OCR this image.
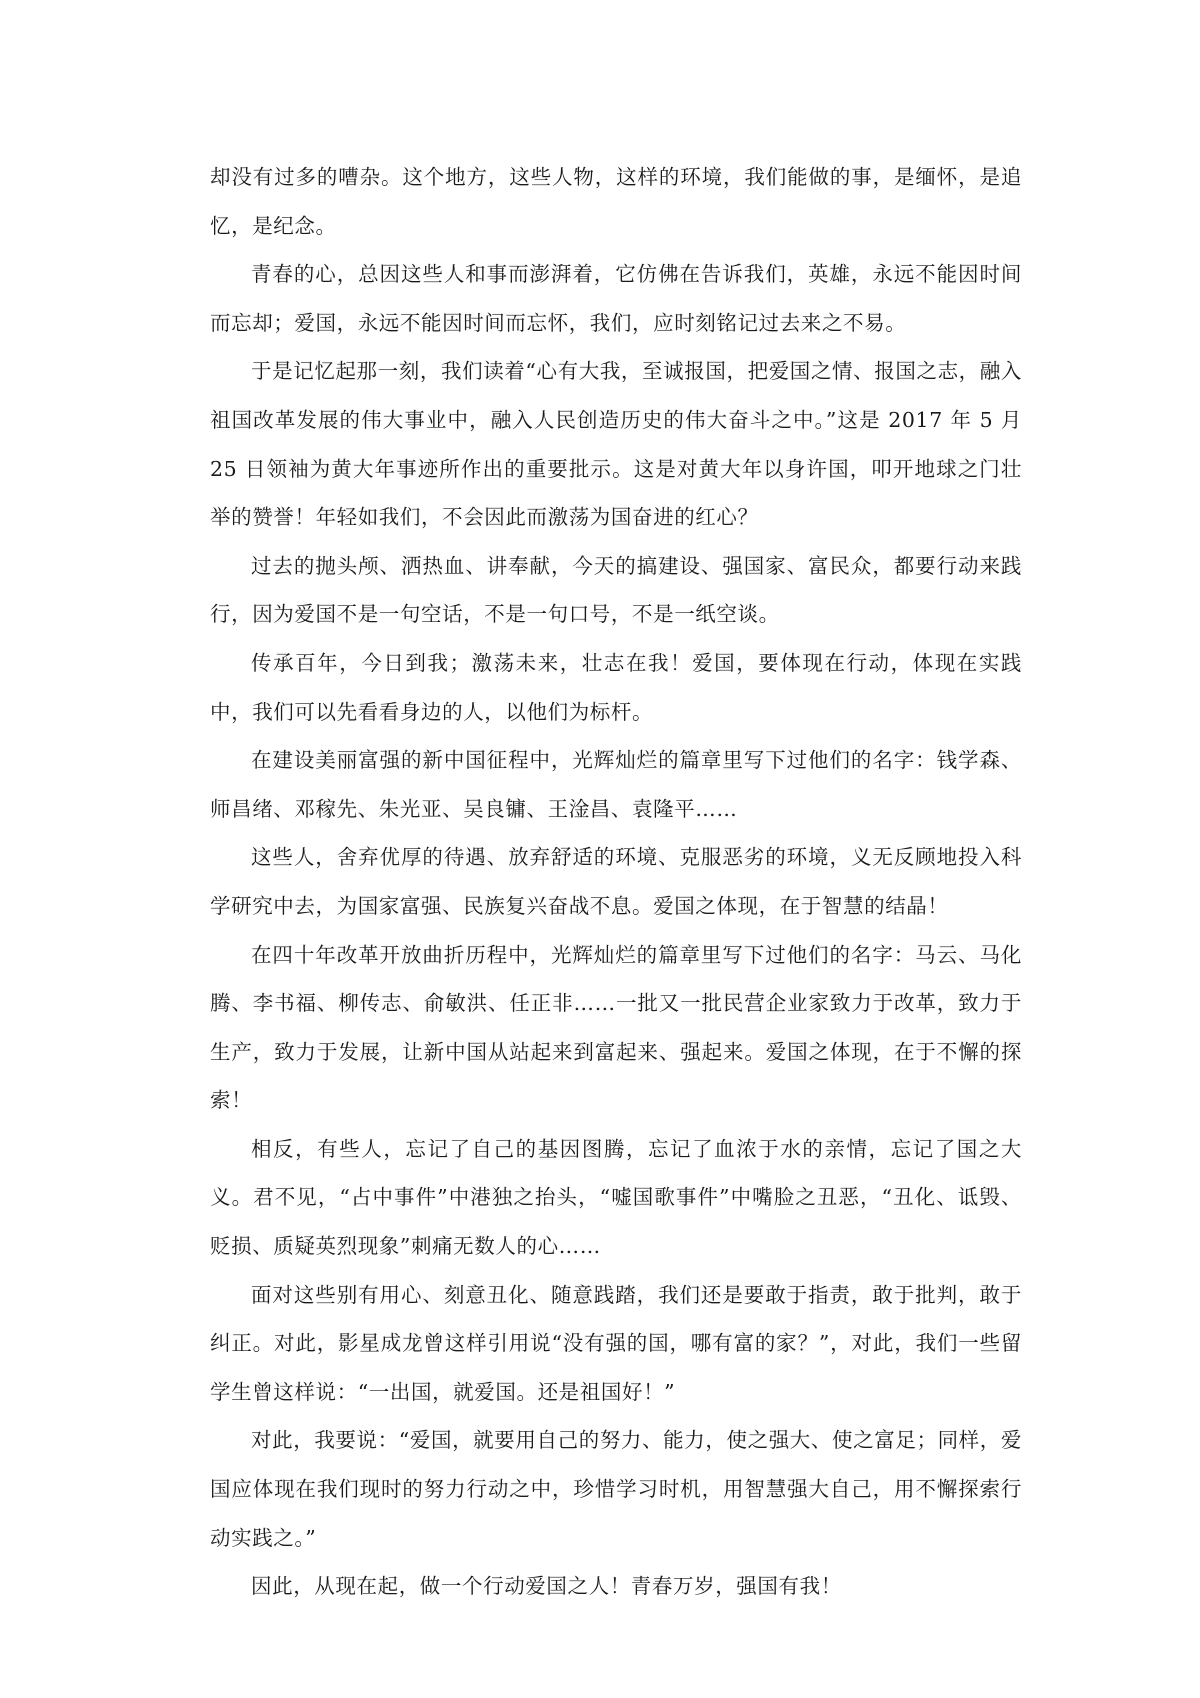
却没有过多的嘈杂。这个地方，这些人物，这样的环境，我们能做的事，是缅怀，是追忆，是纪念。

青春的心，总因这些人和事而澎湃着，它仿佛在告诉我们，英雄，永远不能因时间而忘却；爱国，永远不能因时间而忘怀，我们，应时刻铭记过去来之不易。

于是记忆起那一刻，我们读着“心有大我，至诚报国，把爱国之情、报国之志，融入祖国改革发展的伟大事业中，融入人民创造历史的伟大奋斗之中。”这是 2017 年 5 月 25 日领袖为黄大年事迹所作出的重要批示。这是对黄大年以身许国，叩开地球之门壮举的赞誉！年轻如我们，不会因此而激荡为国奋进的红心？

过去的抛头颅、洒热血、讲奉献，今天的搞建设、强国家、富民众，都要行动来践行，因为爱国不是一句空话，不是一句口号，不是一纸空谈。

传承百年，今日到我；激荡未来，壮志在我！爱国，要体现在行动，体现在实践中，我们可以先看看身边的人，以他们为标杆。

在建设美丽富强的新中国征程中，光辉灿烂的篇章里写下过他们的名字：钱学森、师昌绪、邓稼先、朱光亚、吴良镛、王淦昌、袁隆平……

这些人，舍弃优厚的待遇、放弃舒适的环境、克服恶劣的环境，义无反顾地投入科学研究中去，为国家富强、民族复兴奋战不息。爱国之体现，在于智慧的结晶！

在四十年改革开放曲折历程中，光辉灿烂的篇章里写下过他们的名字：马云、马化腾、李书福、柳传志、俞敏洪、任正非……一批又一批民营企业家致力于改革，致力于生产，致力于发展，让新中国从站起来到富起来、强起来。爱国之体现，在于不懈的探索！

相反，有些人，忘记了自己的基因图腾，忘记了血浓于水的亲情，忘记了国之大义。君不见，“占中事件”中港独之抬头，“嘘国歌事件”中嘴脸之丑恶，“丑化、诋毁、贬损、质疑英烈现象”刺痛无数人的心……

面对这些别有用心、刻意丑化、随意践踏，我们还是要敢于指责，敢于批判，敢于纠正。对此，影星成龙曾这样引用说“没有强的国，哪有富的家？”，对此，我们一些留学生曾这样说：“一出国，就爱国。还是祖国好！”

对此，我要说：“爱国，就要用自己的努力、能力，使之强大、使之富足；同样，爱国应体现在我们现时的努力行动之中，珍惜学习时机，用智慧强大自己，用不懈探索行动实践之。”

因此，从现在起，做一个行动爱国之人！青春万岁，强国有我！
